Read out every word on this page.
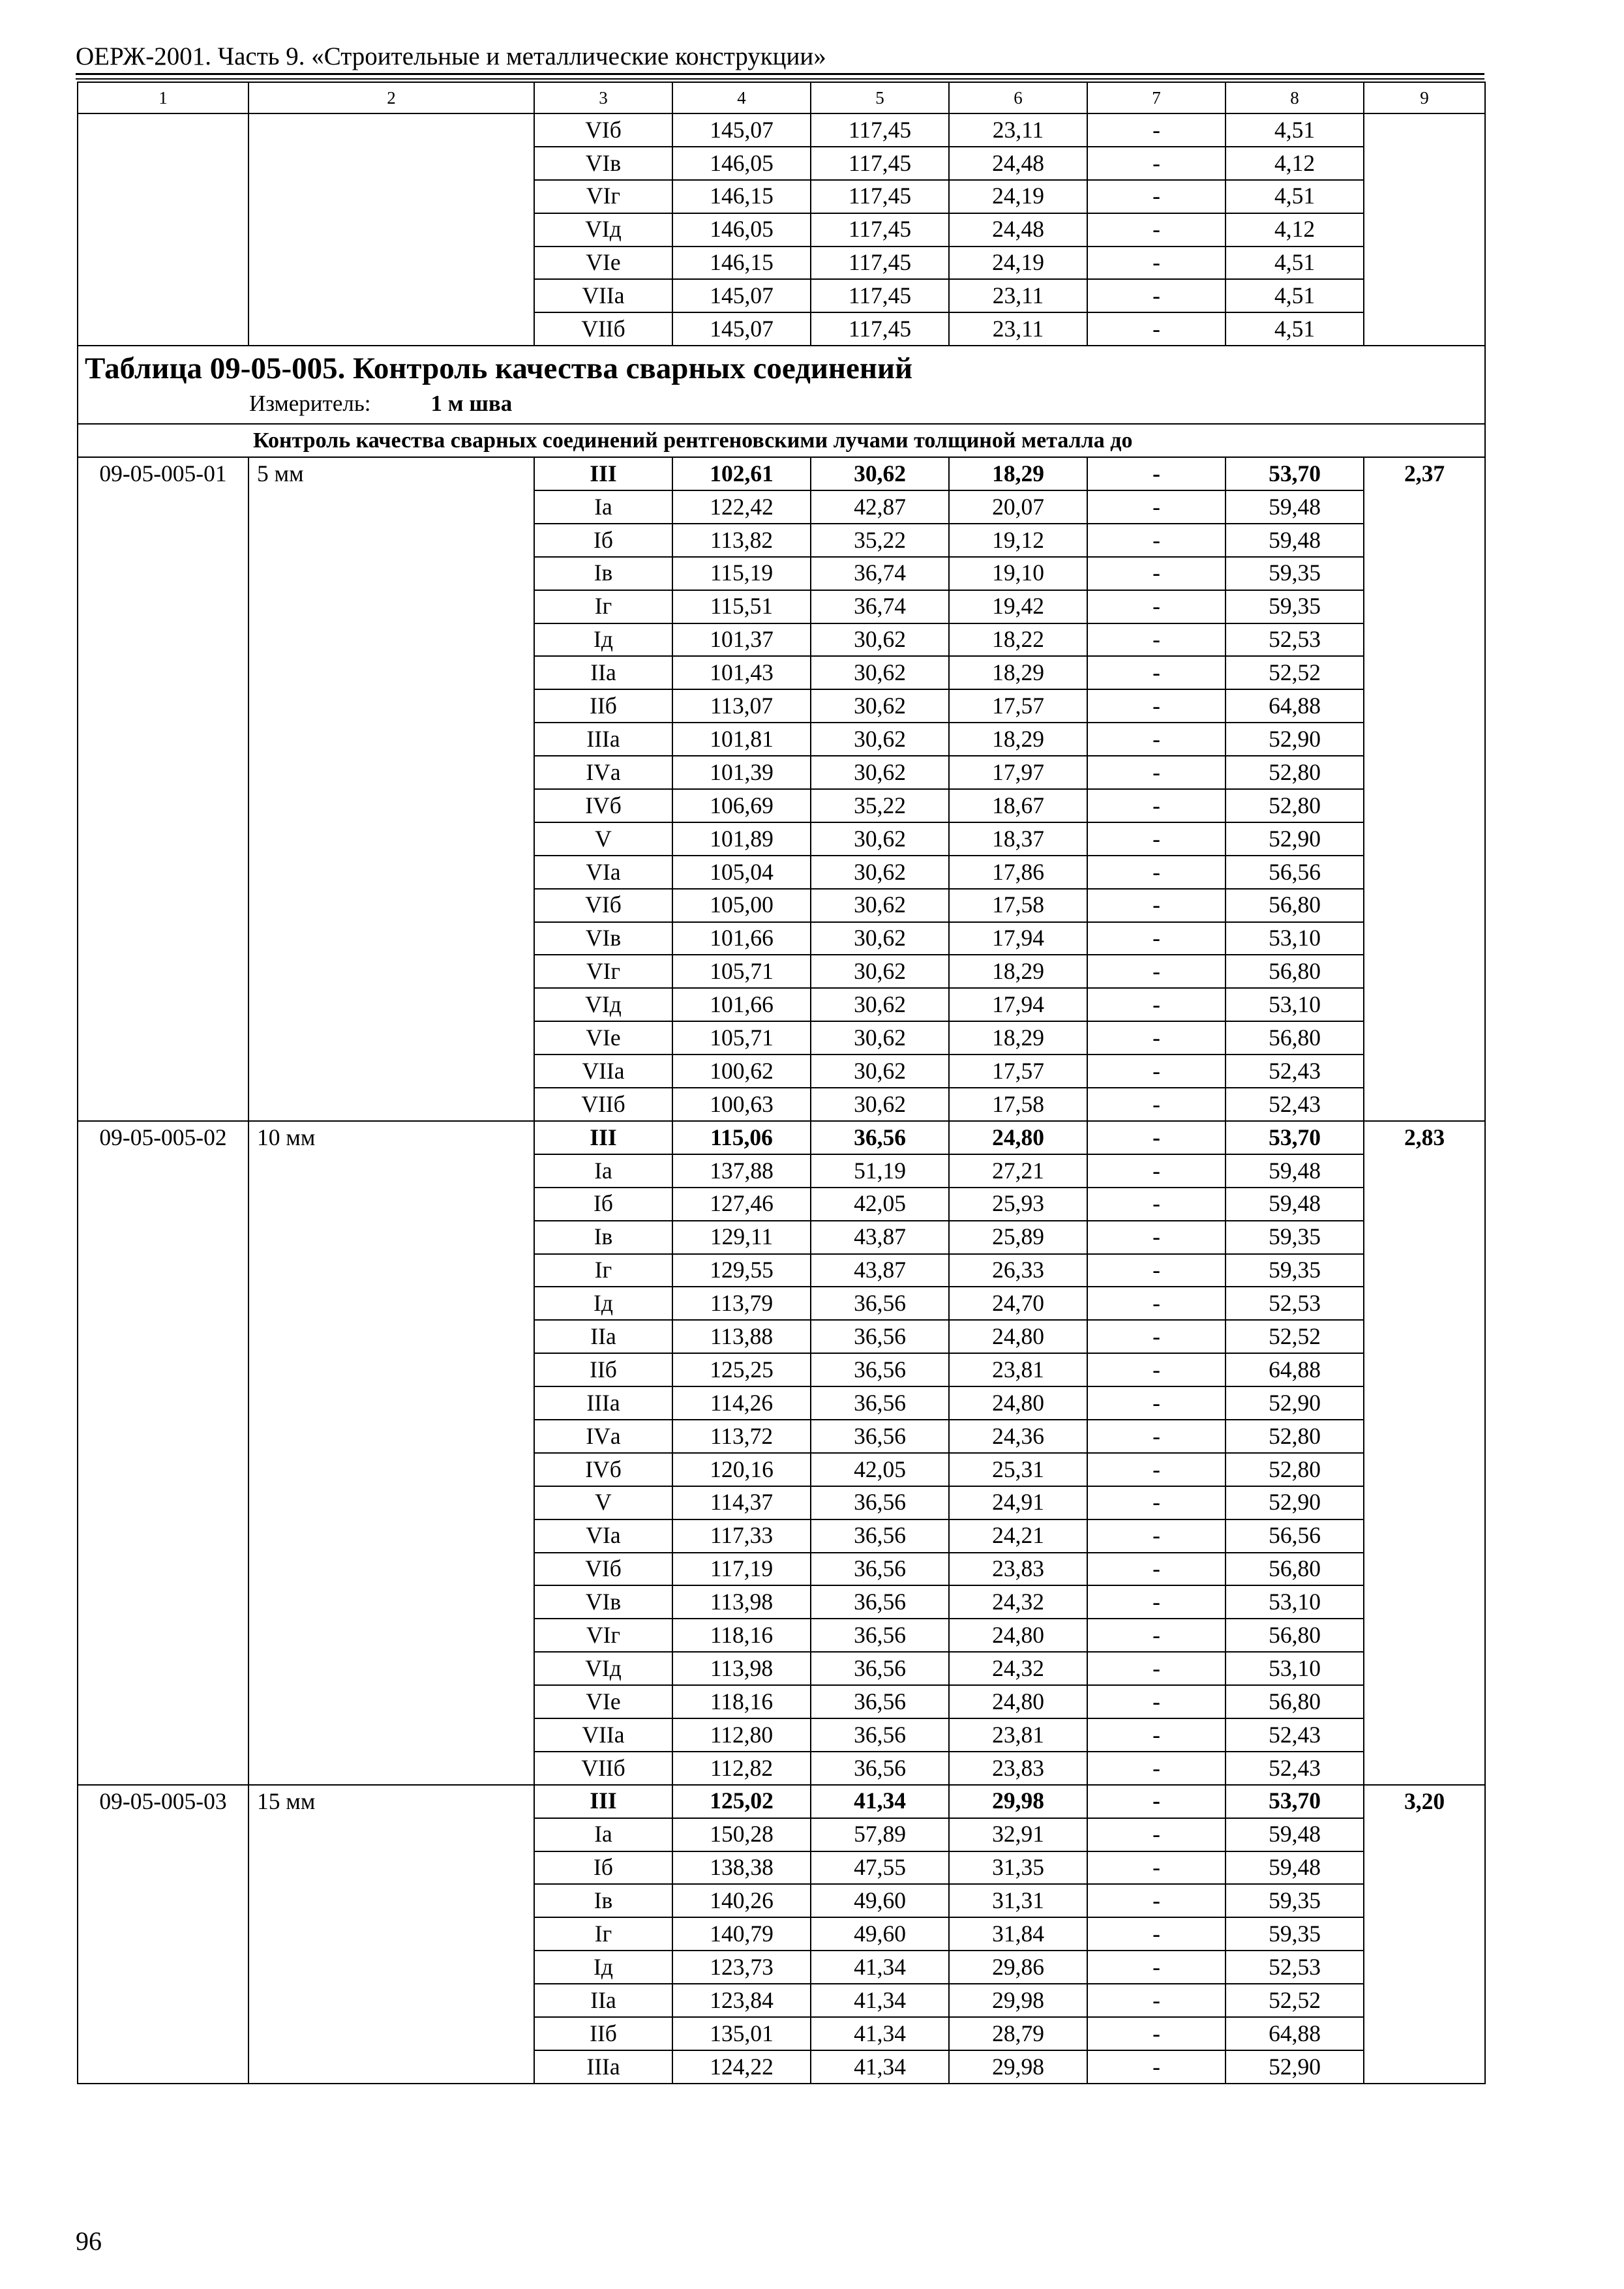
ОЕРЖ-2001. Часть 9. «Строительные и металлические конструкции»
1	2	3	4	5	6	7	8	9
		VIб	145,07	117,45	23,11	-	4,51	
		VIв	146,05	117,45	24,48	-	4,12	
		VIг	146,15	117,45	24,19	-	4,51	
		VIд	146,05	117,45	24,48	-	4,12	
		VIе	146,15	117,45	24,19	-	4,51	
		VIIа	145,07	117,45	23,11	-	4,51	
		VIIб	145,07	117,45	23,11	-	4,51	

Таблица 09-05-005. Контроль качества сварных соединений
Измеритель: 1 м шва								

Контроль качества сварных соединений рентгеновскими лучами толщиной металла до								
09-05-005-01	5 мм	III	102,61	30,62	18,29	-	53,70	2,37
		Iа	122,42	42,87	20,07	-	59,48	
		Iб	113,82	35,22	19,12	-	59,48	
		Iв	115,19	36,74	19,10	-	59,35	
		Iг	115,51	36,74	19,42	-	59,35	
		Iд	101,37	30,62	18,22	-	52,53	
		IIа	101,43	30,62	18,29	-	52,52	
		IIб	113,07	30,62	17,57	-	64,88	
		IIIа	101,81	30,62	18,29	-	52,90	
		IVа	101,39	30,62	17,97	-	52,80	
		IVб	106,69	35,22	18,67	-	52,80	
		V	101,89	30,62	18,37	-	52,90	
		VIа	105,04	30,62	17,86	-	56,56	
		VIб	105,00	30,62	17,58	-	56,80	
		VIв	101,66	30,62	17,94	-	53,10	
		VIг	105,71	30,62	18,29	-	56,80	
		VIд	101,66	30,62	17,94	-	53,10	
		VIе	105,71	30,62	18,29	-	56,80	
		VIIа	100,62	30,62	17,57	-	52,43	
		VIIб	100,63	30,62	17,58	-	52,43	
09-05-005-02	10 мм	III	115,06	36,56	24,80	-	53,70	2,83
		Iа	137,88	51,19	27,21	-	59,48	
		Iб	127,46	42,05	25,93	-	59,48	
		Iв	129,11	43,87	25,89	-	59,35	
		Iг	129,55	43,87	26,33	-	59,35	
		Iд	113,79	36,56	24,70	-	52,53	
		IIа	113,88	36,56	24,80	-	52,52	
		IIб	125,25	36,56	23,81	-	64,88	
		IIIа	114,26	36,56	24,80	-	52,90	
		IVа	113,72	36,56	24,36	-	52,80	
		IVб	120,16	42,05	25,31	-	52,80	
		V	114,37	36,56	24,91	-	52,90	
		VIа	117,33	36,56	24,21	-	56,56	
		VIб	117,19	36,56	23,83	-	56,80	
		VIв	113,98	36,56	24,32	-	53,10	
		VIг	118,16	36,56	24,80	-	56,80	
		VIд	113,98	36,56	24,32	-	53,10	
		VIе	118,16	36,56	24,80	-	56,80	
		VIIа	112,80	36,56	23,81	-	52,43	
		VIIб	112,82	36,56	23,83	-	52,43	
09-05-005-03	15 мм	III	125,02	41,34	29,98	-	53,70	3,20
		Iа	150,28	57,89	32,91	-	59,48	
		Iб	138,38	47,55	31,35	-	59,48	
		Iв	140,26	49,60	31,31	-	59,35	
		Iг	140,79	49,60	31,84	-	59,35	
		Iд	123,73	41,34	29,86	-	52,53	
		IIа	123,84	41,34	29,98	-	52,52	
		IIб	135,01	41,34	28,79	-	64,88	
		IIIа	124,22	41,34	29,98	-	52,90	
96
